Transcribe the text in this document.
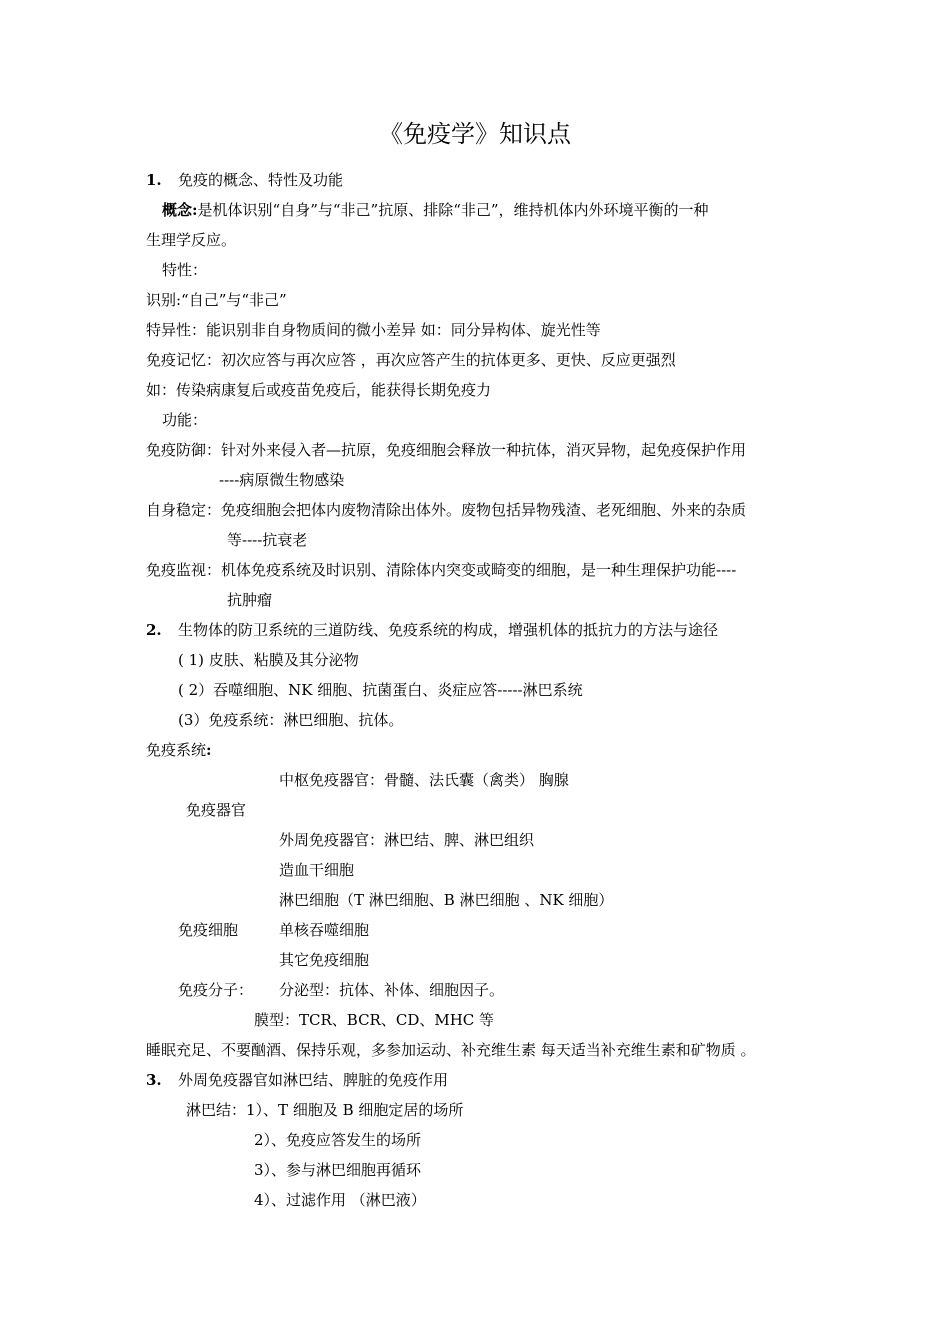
《免疫学》知识点
1. 免疫的概念、特性及功能
概念:是机体识别“自身”与“非己”抗原、排除“非己”，维持机体内外环境平衡的一种
生理学反应。
特性：
识别:“自己”与“非己”
特异性：能识别非自身物质间的微小差异 如：同分异构体、旋光性等
免疫记忆：初次应答与再次应答 ，再次应答产生的抗体更多、更快、反应更强烈
如：传染病康复后或疫苗免疫后，能获得长期免疫力
功能：
免疫防御：针对外来侵入者—抗原，免疫细胞会释放一种抗体，消灭异物，起免疫保护作用
----病原微生物感染
自身稳定：免疫细胞会把体内废物清除出体外。废物包括异物残渣、老死细胞、外来的杂质
等----抗衰老
免疫监视：机体免疫系统及时识别、清除体内突变或畸变的细胞，是一种生理保护功能----
抗肿瘤
2. 生物体的防卫系统的三道防线、免疫系统的构成，增强机体的抵抗力的方法与途径
( 1) 皮肤、粘膜及其分泌物
( 2）吞噬细胞、NK 细胞、抗菌蛋白、炎症应答-----淋巴系统
(3）免疫系统：淋巴细胞、抗体。
免疫系统:
中枢免疫器官：骨髓、法氏囊（禽类） 胸腺
免疫器官
外周免疫器官：淋巴结、脾、淋巴组织
造血干细胞
淋巴细胞（T 淋巴细胞、B 淋巴细胞 、NK 细胞）
免疫细胞	单核吞噬细胞
其它免疫细胞
免疫分子： 分泌型：抗体、补体、细胞因子。
膜型：TCR、BCR、CD、MHC 等
睡眠充足、不要酗酒、保持乐观，多参加运动、补充维生素 每天适当补充维生素和矿物质 。
3. 外周免疫器官如淋巴结、脾脏的免疫作用
淋巴结：1）、T 细胞及 B 细胞定居的场所
2）、免疫应答发生的场所
3）、参与淋巴细胞再循环
4）、过滤作用 （淋巴液）
